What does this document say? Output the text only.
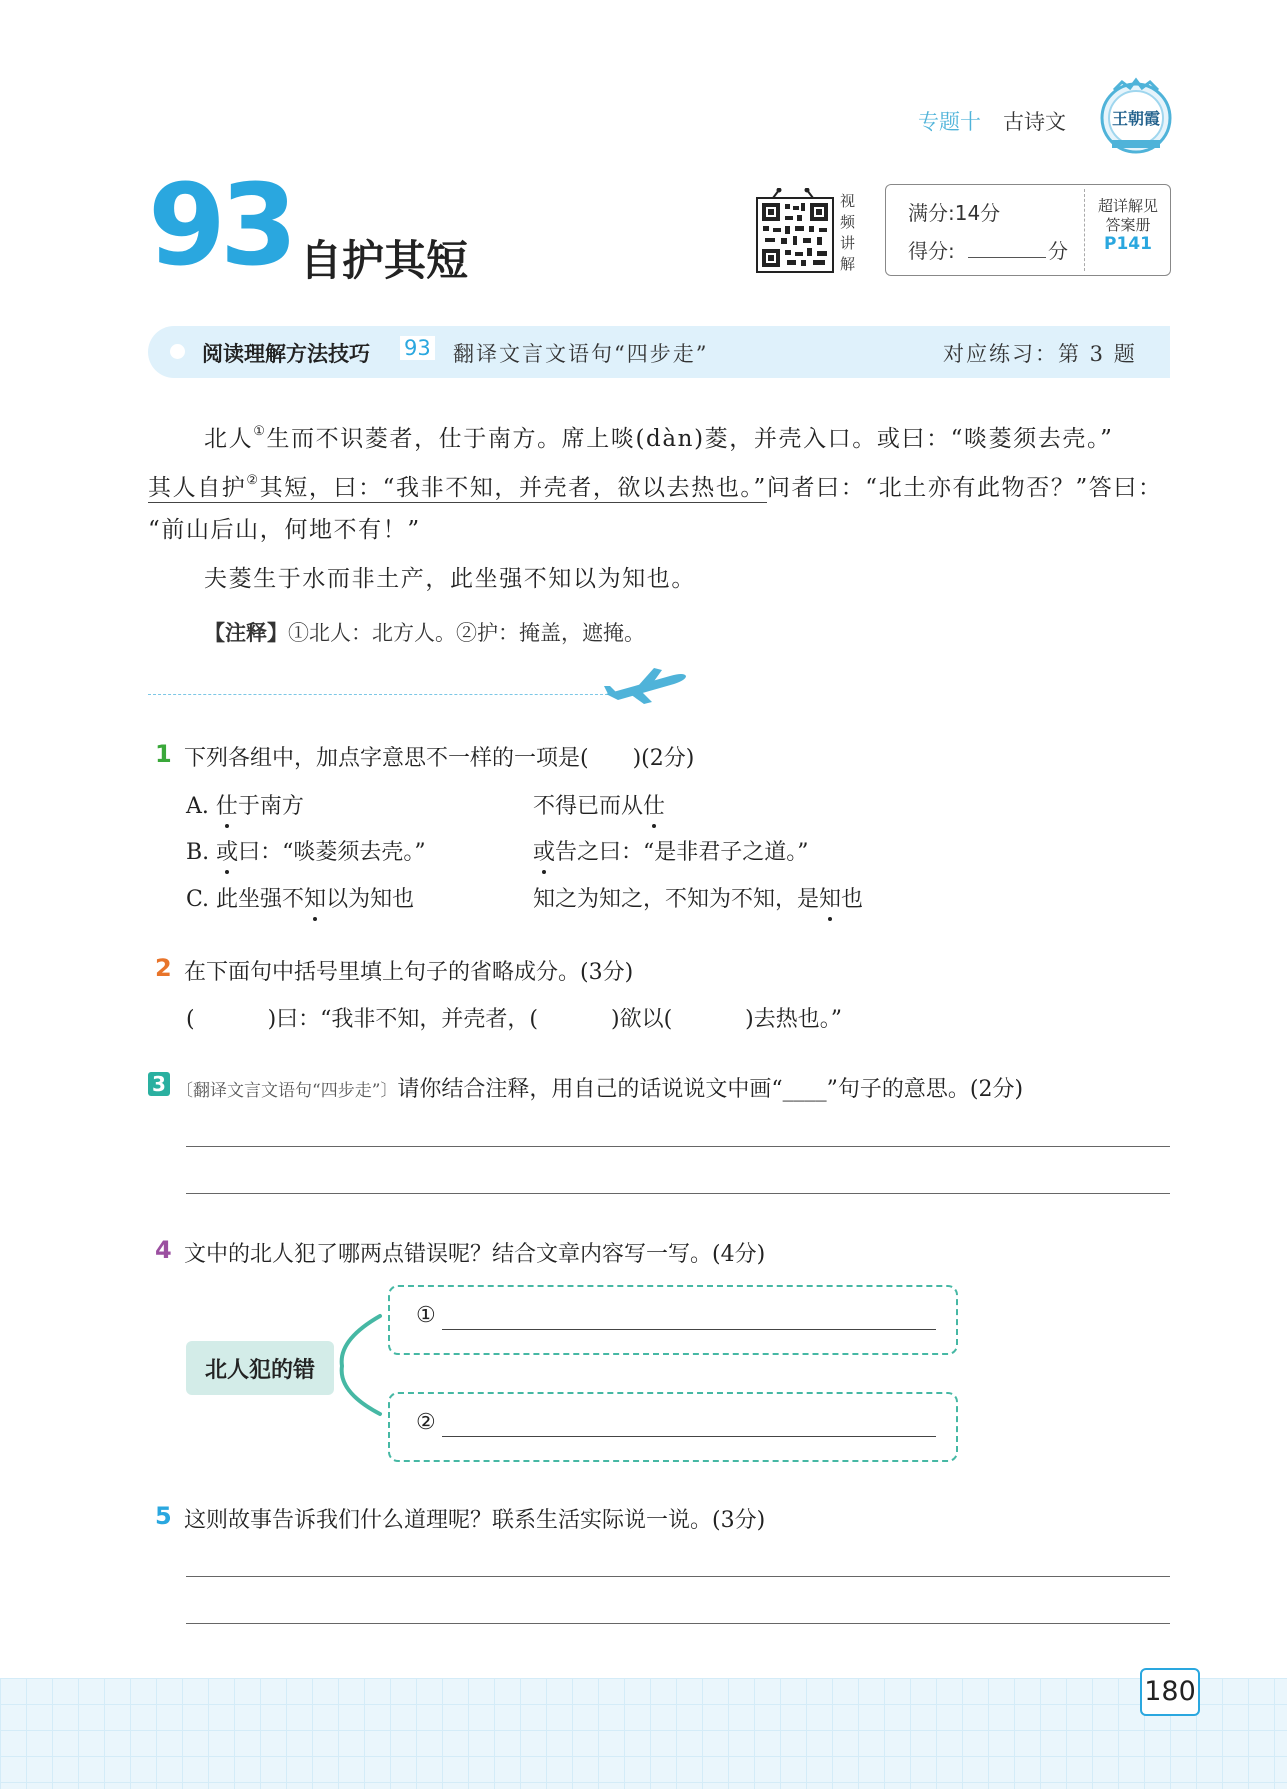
专题十 古诗文	王朝霞
93 自护其短
视
频
讲
解
满分:14分
得分:	分
超详解见
答案册
P141
阅读理解方法技巧 93 翻译文言文语句“四步走”	对应练习：第 3 题
北人①生而不识菱者，仕于南方。席上啖(dàn)菱，并壳入口。或曰：“啖菱须去壳。”
其人自护②其短，曰：“我非不知，并壳者，欲以去热也。”问者曰：“北土亦有此物否？”答曰：
“前山后山，何地不有！”
夫菱生于水而非土产，此坐强不知以为知也。
【注释】①北人：北方人。②护：掩盖，遮掩。
1 下列各组中，加点字意思不一样的一项是(　　)(2分)
A. 仕于南方	不得已而从仕
B. 或曰：“啖菱须去壳。”	或告之曰：“是非君子之道。”
C. 此坐强不知以为知也	知之为知之，不知为不知，是知也
2 在下面句中括号里填上句子的省略成分。(3分)
(　　　 )曰：“我非不知，并壳者，(　　　 )欲以(　　　 )去热也。”
3 〔翻译文言文语句“四步走”〕请你结合注释，用自己的话说说文中画“____”句子的意思。(2分)
4 文中的北人犯了哪两点错误呢？结合文章内容写一写。(4分)
北人犯的错
①
②
5 这则故事告诉我们什么道理呢？联系生活实际说一说。(3分)
180
